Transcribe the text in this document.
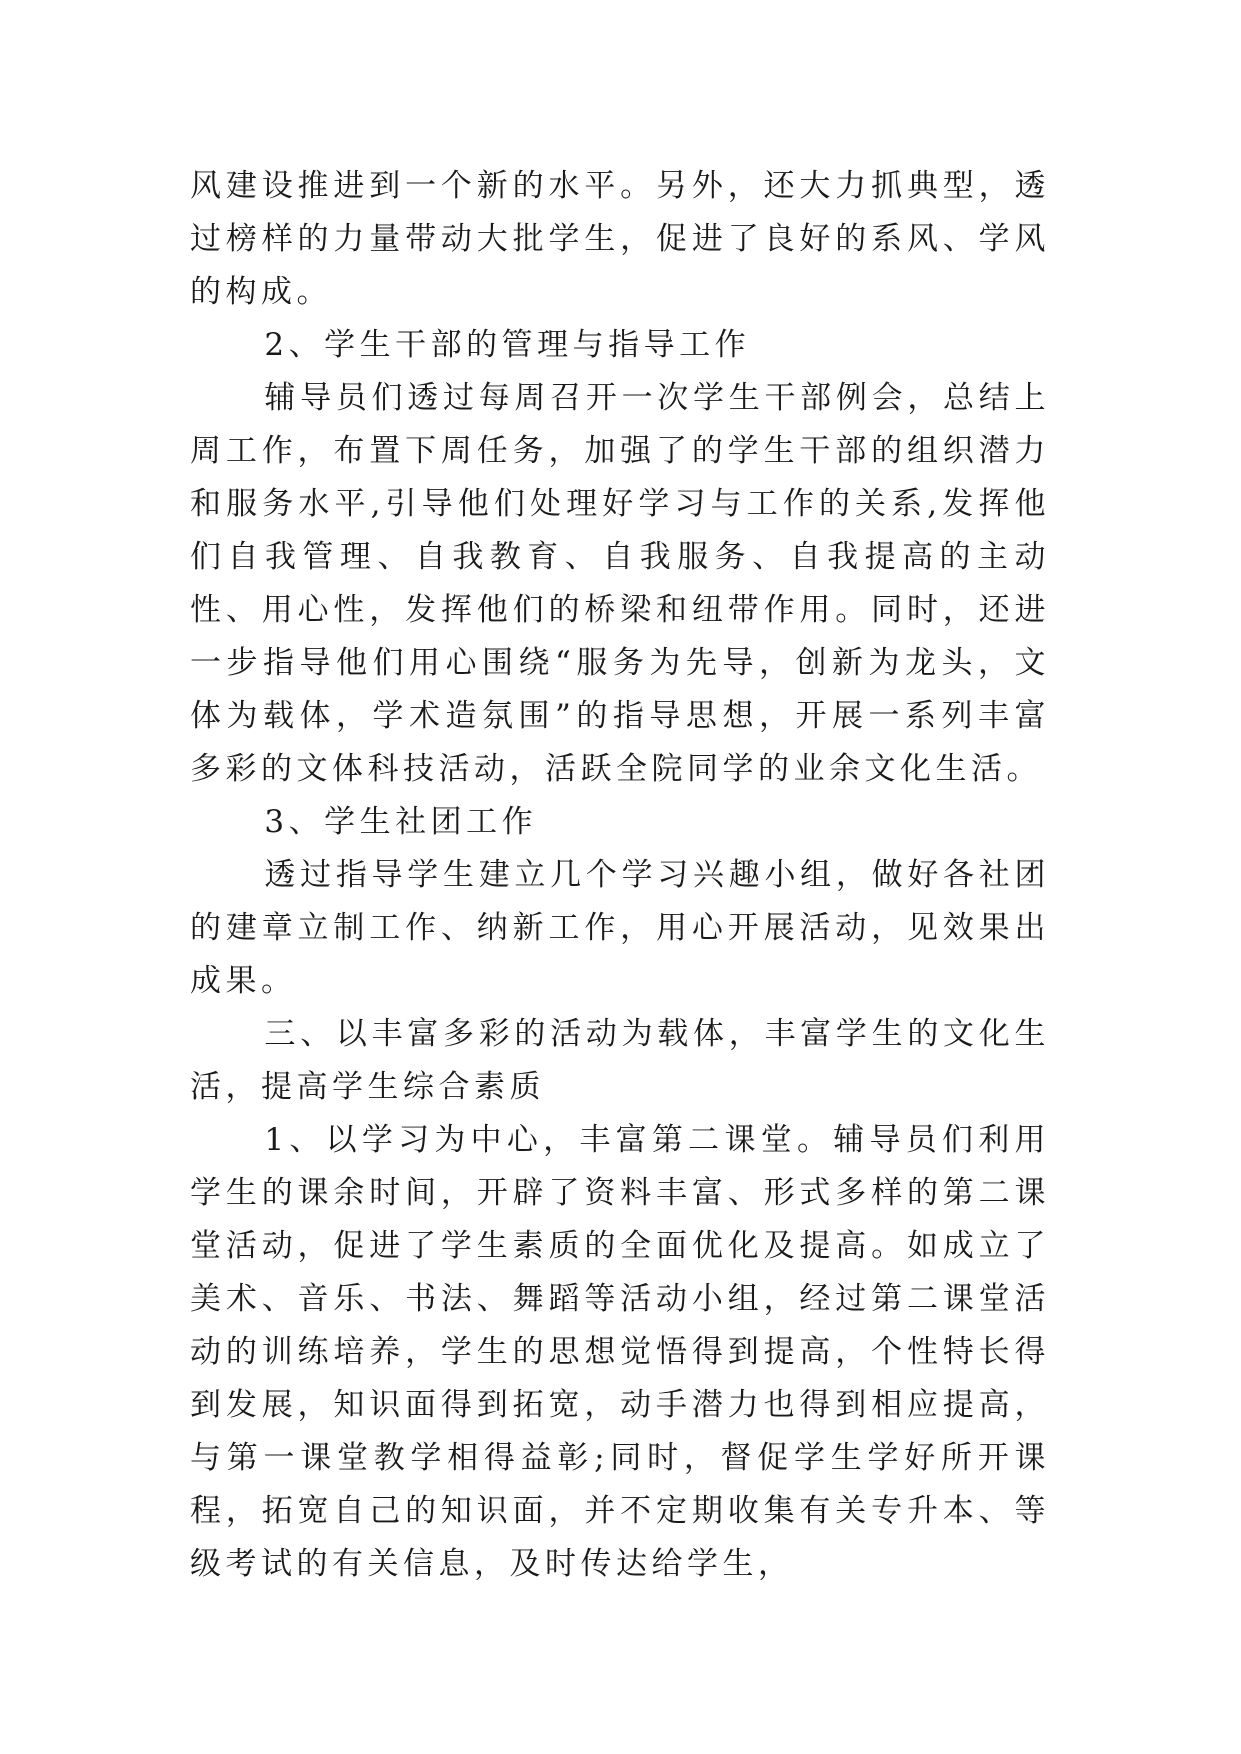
风建设推进到一个新的水平。另外，还大力抓典型，透过榜样的力量带动大批学生，促进了良好的系风、学风的构成。

2、学生干部的管理与指导工作

辅导员们透过每周召开一次学生干部例会，总结上周工作，布置下周任务，加强了的学生干部的组织潜力和服务水平,引导他们处理好学习与工作的关系,发挥他们自我管理、自我教育、自我服务、自我提高的主动性、用心性，发挥他们的桥梁和纽带作用。同时，还进一步指导他们用心围绕“服务为先导，创新为龙头，文体为载体，学术造氛围”的指导思想，开展一系列丰富多彩的文体科技活动，活跃全院同学的业余文化生活。

3、学生社团工作

透过指导学生建立几个学习兴趣小组，做好各社团的建章立制工作、纳新工作，用心开展活动，见效果出成果。

三、以丰富多彩的活动为载体，丰富学生的文化生活，提高学生综合素质

1、以学习为中心，丰富第二课堂。辅导员们利用学生的课余时间，开辟了资料丰富、形式多样的第二课堂活动，促进了学生素质的全面优化及提高。如成立了美术、音乐、书法、舞蹈等活动小组，经过第二课堂活动的训练培养，学生的思想觉悟得到提高，个性特长得到发展，知识面得到拓宽，动手潜力也得到相应提高，与第一课堂教学相得益彰;同时，督促学生学好所开课程，拓宽自己的知识面，并不定期收集有关专升本、等级考试的有关信息，及时传达给学生，
